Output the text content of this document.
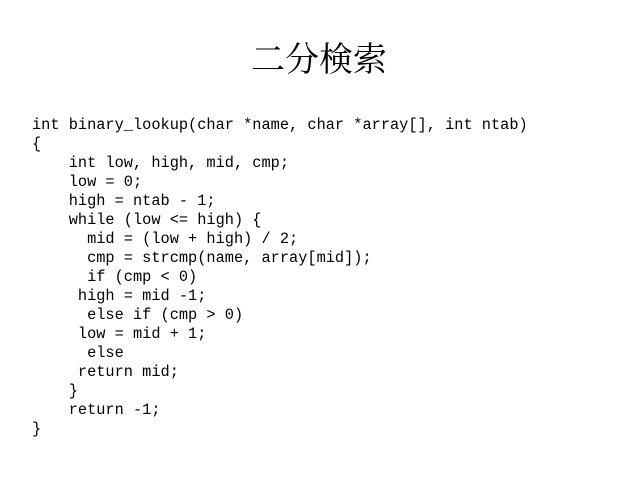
二分検索
int binary_lookup(char *name, char *array[], int ntab)
{
int low, high, mid, cmp;
low = 0;
high = ntab - 1;
while (low <= high) {
mid = (low + high) / 2;
cmp = strcmp(name, array[mid]);
if (cmp < 0)
high = mid -1;
else if (cmp > 0)
low = mid + 1;
else
return mid;
}
return -1;
}
